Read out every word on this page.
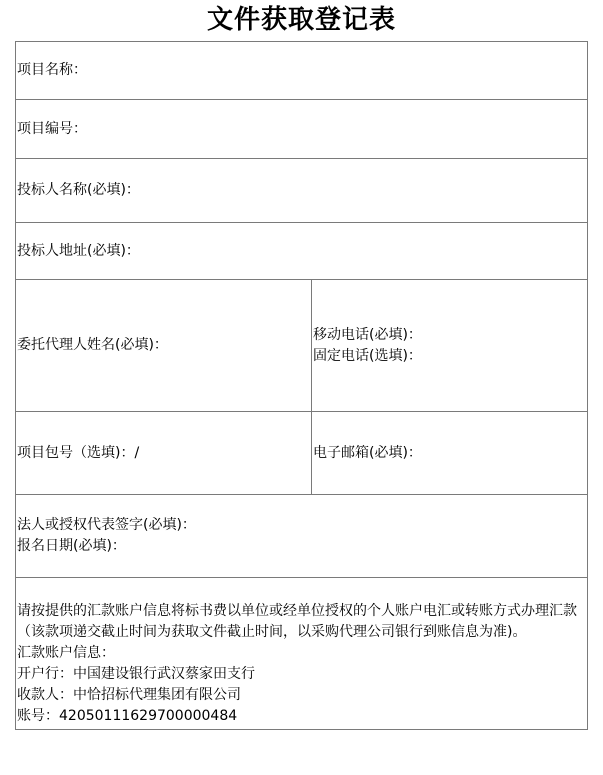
文件获取登记表
项目名称：	
项目编号：	
投标人名称(必填)：	
投标人地址(必填)：	
委托代理人姓名(必填)：	移动电话(必填)：
固定电话(选填)：

项目包号（选填)：/	电子邮箱(必填)：

法人或授权代表签字(必填)：
报名日期(必填)：	

请按提供的汇款账户信息将标书费以单位或经单位授权的个人账户电汇或转账方式办理汇款（该款项递交截止时间为获取文件截止时间，以采购代理公司银行到账信息为准)。
汇款账户信息：
开户行：中国建设银行武汉蔡家田支行
收款人：中恰招标代理集团有限公司
账号：42050111629700000484	
